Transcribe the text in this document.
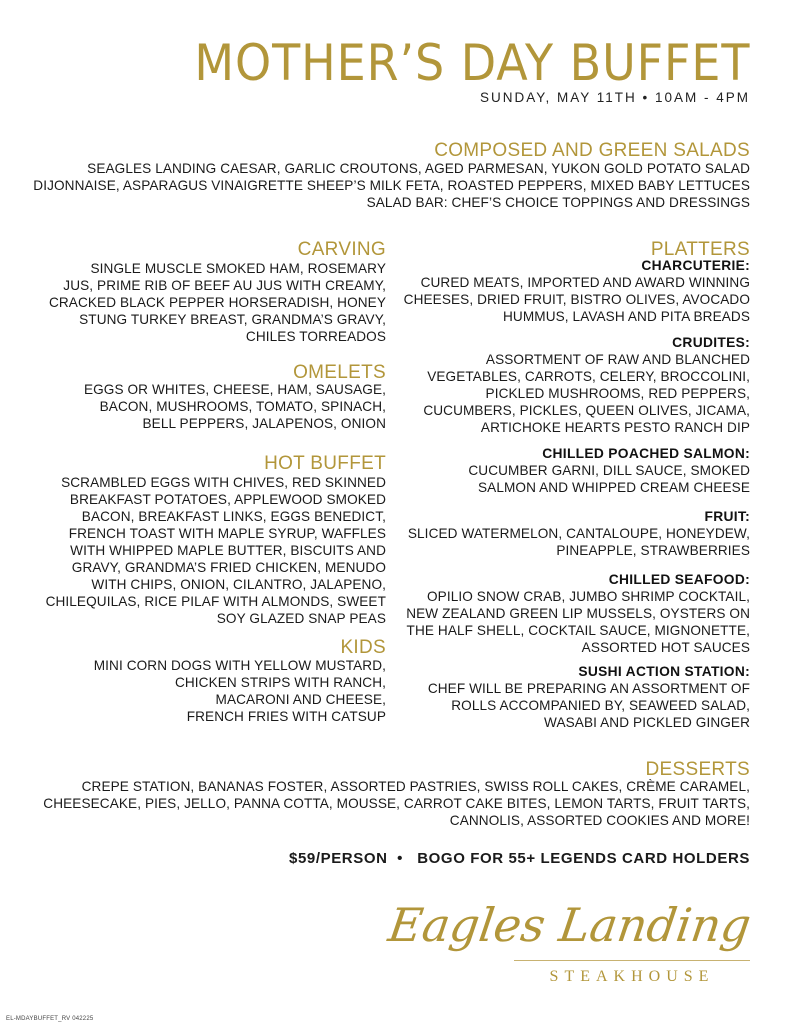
MOTHER’S DAY BUFFET
SUNDAY, MAY 11TH • 10AM - 4PM
COMPOSED AND GREEN SALADS
SEAGLES LANDING CAESAR, GARLIC CROUTONS, AGED PARMESAN, YUKON GOLD POTATO SALAD
DIJONNAISE, ASPARAGUS VINAIGRETTE SHEEP’S MILK FETA, ROASTED PEPPERS, MIXED BABY LETTUCES
SALAD BAR: CHEF’S CHOICE TOPPINGS AND DRESSINGS
CARVING
SINGLE MUSCLE SMOKED HAM, ROSEMARY
JUS, PRIME RIB OF BEEF AU JUS WITH CREAMY,
CRACKED BLACK PEPPER HORSERADISH, HONEY
STUNG TURKEY BREAST, GRANDMA’S GRAVY,
CHILES TORREADOS
OMELETS
EGGS OR WHITES, CHEESE, HAM, SAUSAGE,
BACON, MUSHROOMS, TOMATO, SPINACH,
BELL PEPPERS, JALAPENOS, ONION
HOT BUFFET
SCRAMBLED EGGS WITH CHIVES, RED SKINNED
BREAKFAST POTATOES, APPLEWOOD SMOKED
BACON, BREAKFAST LINKS, EGGS BENEDICT,
FRENCH TOAST WITH MAPLE SYRUP, WAFFLES
WITH WHIPPED MAPLE BUTTER, BISCUITS AND
GRAVY, GRANDMA’S FRIED CHICKEN, MENUDO
WITH CHIPS, ONION, CILANTRO, JALAPENO,
CHILEQUILAS, RICE PILAF WITH ALMONDS, SWEET
SOY GLAZED SNAP PEAS
KIDS
MINI CORN DOGS WITH YELLOW MUSTARD,
CHICKEN STRIPS WITH RANCH,
MACARONI AND CHEESE,
FRENCH FRIES WITH CATSUP
PLATTERS
CHARCUTERIE:
CURED MEATS, IMPORTED AND AWARD WINNING
CHEESES, DRIED FRUIT, BISTRO OLIVES, AVOCADO
HUMMUS, LAVASH AND PITA BREADS
CRUDITES:
ASSORTMENT OF RAW AND BLANCHED
VEGETABLES, CARROTS, CELERY, BROCCOLINI,
PICKLED MUSHROOMS, RED PEPPERS,
CUCUMBERS, PICKLES, QUEEN OLIVES, JICAMA,
ARTICHOKE HEARTS PESTO RANCH DIP
CHILLED POACHED SALMON:
CUCUMBER GARNI, DILL SAUCE, SMOKED
SALMON AND WHIPPED CREAM CHEESE
FRUIT:
SLICED WATERMELON, CANTALOUPE, HONEYDEW,
PINEAPPLE, STRAWBERRIES
CHILLED SEAFOOD:
OPILIO SNOW CRAB, JUMBO SHRIMP COCKTAIL,
NEW ZEALAND GREEN LIP MUSSELS, OYSTERS ON
THE HALF SHELL, COCKTAIL SAUCE, MIGNONETTE,
ASSORTED HOT SAUCES
SUSHI ACTION STATION:
CHEF WILL BE PREPARING AN ASSORTMENT OF
ROLLS ACCOMPANIED BY, SEAWEED SALAD,
WASABI AND PICKLED GINGER
DESSERTS
CREPE STATION, BANANAS FOSTER, ASSORTED PASTRIES, SWISS ROLL CAKES, CRÈME CARAMEL,
CHEESECAKE, PIES, JELLO, PANNA COTTA, MOUSSE, CARROT CAKE BITES, LEMON TARTS, FRUIT TARTS,
CANNOLIS, ASSORTED COOKIES AND MORE!
$59/PERSON  •   BOGO FOR 55+ LEGENDS CARD HOLDERS
Eagles Landing
STEAKHOUSE
EL-MDAYBUFFET_RV 042225
